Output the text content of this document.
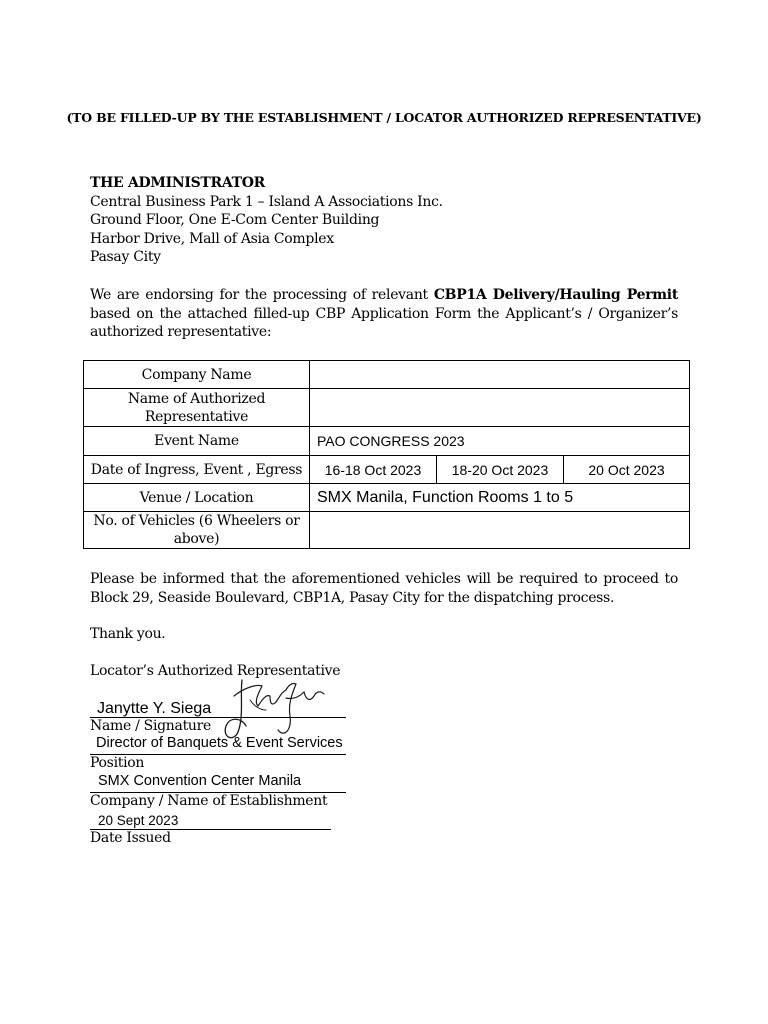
(TO BE FILLED-UP BY THE ESTABLISHMENT / LOCATOR AUTHORIZED REPRESENTATIVE)
THE ADMINISTRATOR
Central Business Park 1 – Island A Associations Inc.
Ground Floor, One E-Com Center Building
Harbor Drive, Mall of Asia Complex
Pasay City
We are endorsing for the processing of relevant CBP1A Delivery/Hauling Permit based on the attached filled-up CBP Application Form the Applicant’s / Organizer’s authorized representative:
Company Name			
Name of Authorized Representative			
Event Name	PAO CONGRESS 2023		
Date of Ingress, Event , Egress	16-18 Oct 2023	18-20 Oct 2023	20 Oct 2023
Venue / Location	SMX Manila, Function Rooms 1 to 5		
No. of Vehicles (6 Wheelers or above)			
Please be informed that the aforementioned vehicles will be required to proceed to Block 29, Seaside Boulevard, CBP1A, Pasay City for the dispatching process.
Thank you.
Locator’s Authorized Representative
Janytte Y. Siega
Name / Signature
Director of Banquets & Event Services
Position
SMX Convention Center Manila
Company / Name of Establishment
20 Sept 2023
Date Issued
